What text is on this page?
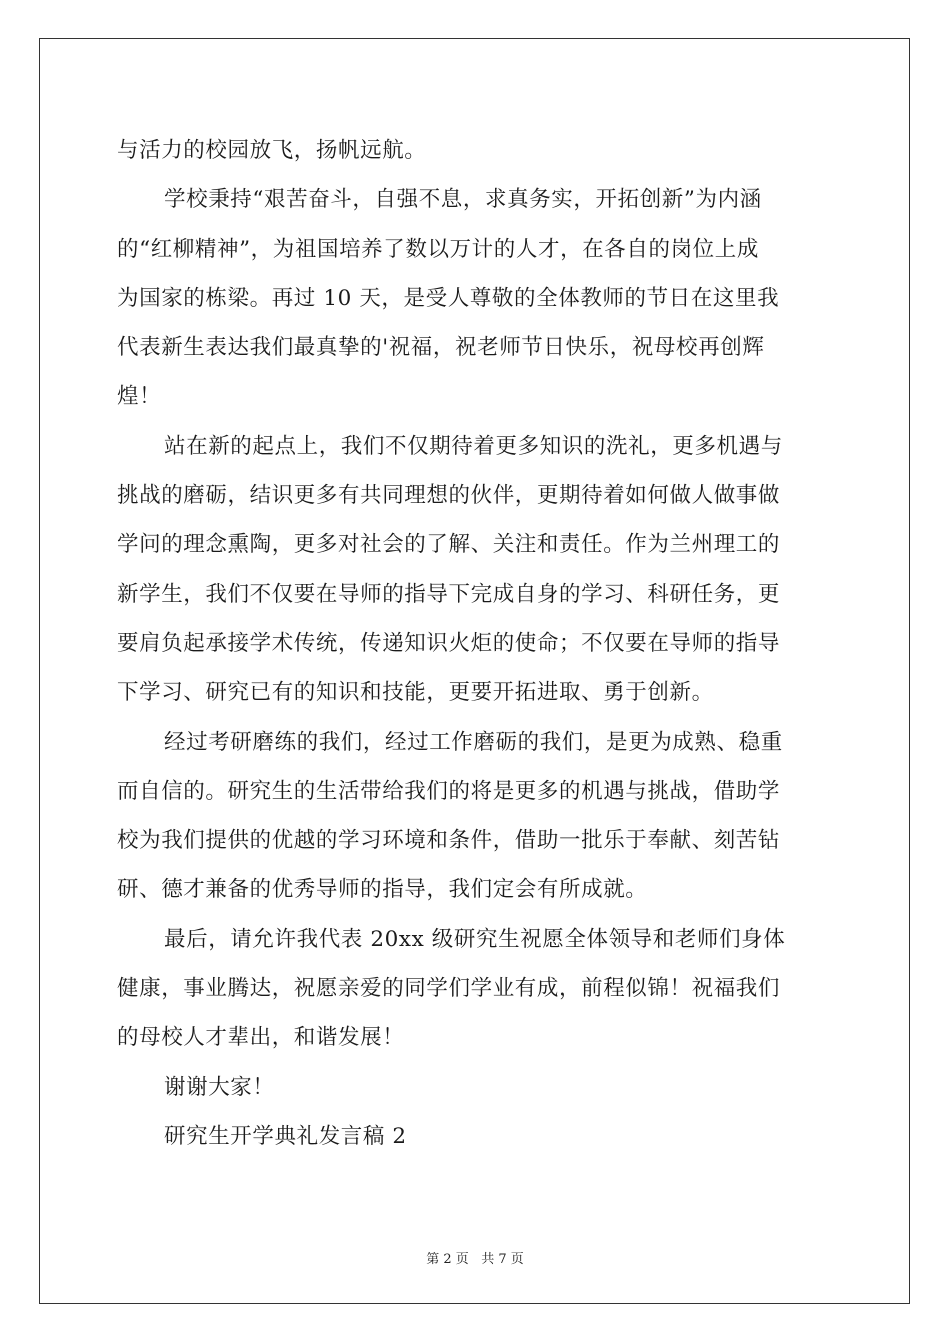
与活力的校园放飞，扬帆远航。
学校秉持“艰苦奋斗，自强不息，求真务实，开拓创新”为内涵
的“红柳精神”，为祖国培养了数以万计的人才，在各自的岗位上成
为国家的栋梁。再过 10 天，是受人尊敬的全体教师的节日在这里我
代表新生表达我们最真挚的'祝福，祝老师节日快乐，祝母校再创辉
煌！
站在新的起点上，我们不仅期待着更多知识的洗礼，更多机遇与
挑战的磨砺，结识更多有共同理想的伙伴，更期待着如何做人做事做
学问的理念熏陶，更多对社会的了解、关注和责任。作为兰州理工的
新学生，我们不仅要在导师的指导下完成自身的学习、科研任务，更
要肩负起承接学术传统，传递知识火炬的使命；不仅要在导师的指导
下学习、研究已有的知识和技能，更要开拓进取、勇于创新。
经过考研磨练的我们，经过工作磨砺的我们，是更为成熟、稳重
而自信的。研究生的生活带给我们的将是更多的机遇与挑战，借助学
校为我们提供的优越的学习环境和条件，借助一批乐于奉献、刻苦钻
研、德才兼备的优秀导师的指导，我们定会有所成就。
最后，请允许我代表 20xx 级研究生祝愿全体领导和老师们身体
健康，事业腾达，祝愿亲爱的同学们学业有成，前程似锦！祝福我们
的母校人才辈出，和谐发展！
谢谢大家！
研究生开学典礼发言稿 2
第 2 页 共 7 页
